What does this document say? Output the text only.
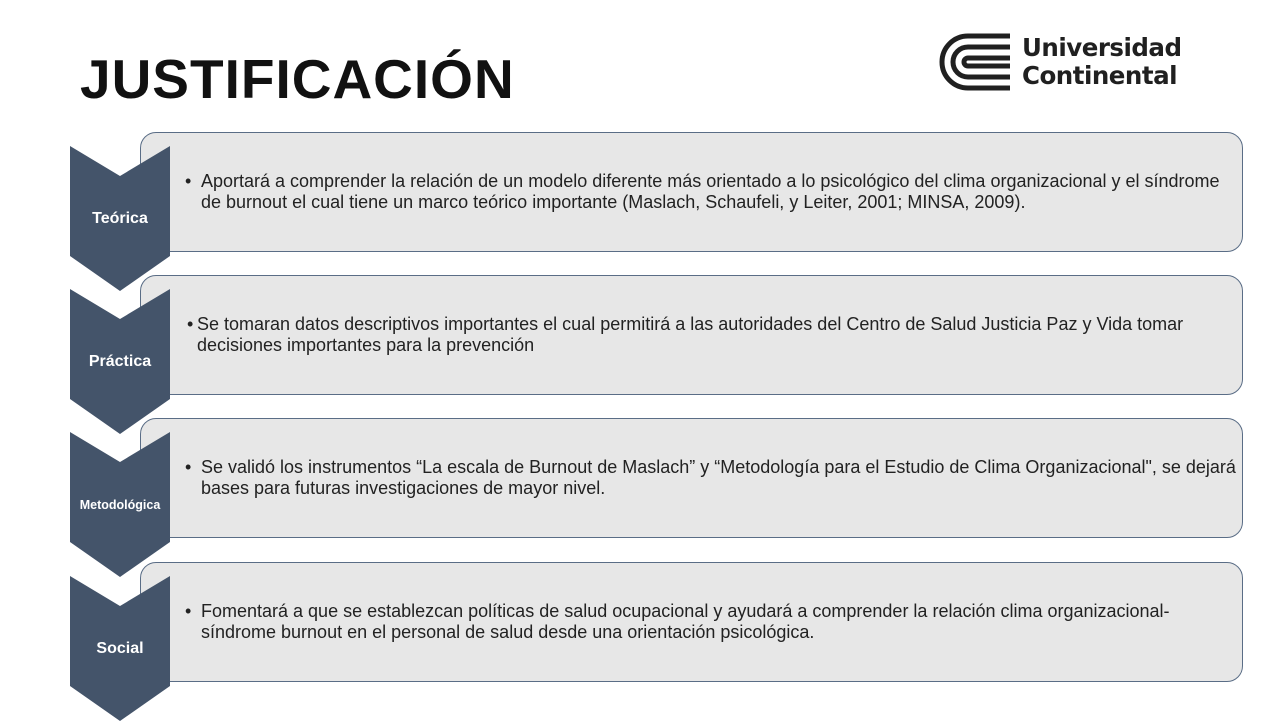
JUSTIFICACIÓN
Universidad
Continental
• Aportará a comprender la relación de un modelo diferente más orientado a lo psicológico del clima organizacional y el síndrome de burnout el cual tiene un marco teórico importante (Maslach, Schaufeli, y Leiter, 2001; MINSA, 2009).
Teórica
• Se tomaran datos descriptivos importantes el cual permitirá a las autoridades del Centro de Salud Justicia Paz y Vida tomar decisiones importantes para la prevención
Práctica
• Se validó los instrumentos “La escala de Burnout de Maslach” y “Metodología para el Estudio de Clima Organizacional", se dejará bases para futuras investigaciones de mayor nivel.
Metodológica
• Fomentará a que se establezcan políticas de salud ocupacional y ayudará a comprender la relación clima organizacional-síndrome burnout en el personal de salud desde una orientación psicológica.
Social
